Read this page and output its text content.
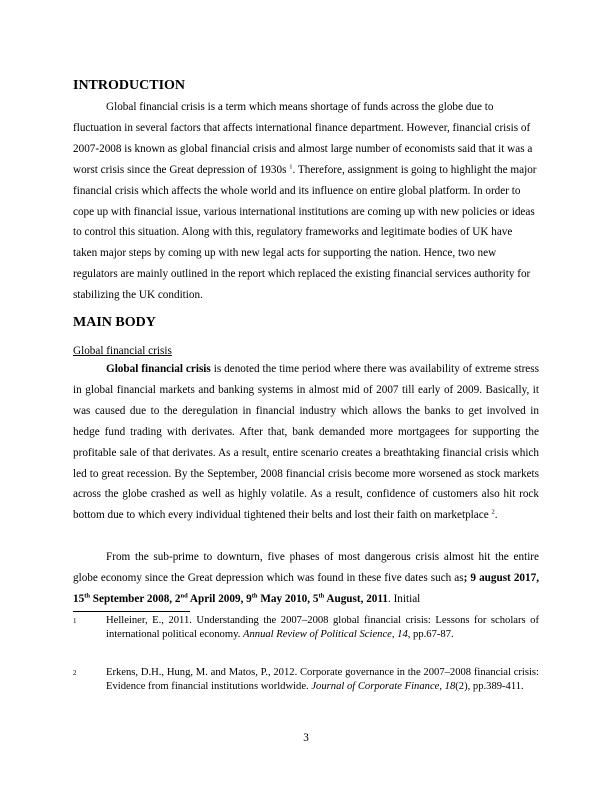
INTRODUCTION

Global financial crisis is a term which means shortage of funds across the globe due to fluctuation in several factors that affects international finance department. However, financial crisis of 2007-2008 is known as global financial crisis and almost large number of economists said that it was a worst crisis since the Great depression of 1930s $^1$. Therefore, assignment is going to highlight the major financial crisis which affects the whole world and its influence on entire global platform. In order to cope up with financial issue, various international institutions are coming up with new policies or ideas to control this situation. Along with this, regulatory frameworks and legitimate bodies of UK have taken major steps by coming up with new legal acts for supporting the nation. Hence, two new regulators are mainly outlined in the report which replaced the existing financial services authority for stabilizing the UK condition.

MAIN BODY

Global financial crisis

Global financial crisis is denoted the time period where there was availability of extreme stress in global financial markets and banking systems in almost mid of 2007 till early of 2009. Basically, it was caused due to the deregulation in financial industry which allows the banks to get involved in hedge fund trading with derivates. After that, bank demanded more mortgagees for supporting the profitable sale of that derivates. As a result, entire scenario creates a breathtaking financial crisis which led to great recession. By the September, 2008 financial crisis become more worsened as stock markets across the globe crashed as well as highly volatile. As a result, confidence of customers also hit rock bottom due to which every individual tightened their belts and lost their faith on marketplace $^2$.

From the sub-prime to downturn, five phases of most dangerous crisis almost hit the entire globe economy since the Great depression which was found in these five dates such as; 9 august 2017, 15th September 2008, 2nd April 2009, 9th May 2010, 5th August, 2011. Initial

1	Helleiner, E., 2011. Understanding the 2007–2008 global financial crisis: Lessons for scholars of international political economy. Annual Review of Political Science, 14, pp.67-87.
2	Erkens, D.H., Hung, M. and Matos, P., 2012. Corporate governance in the 2007–2008 financial crisis: Evidence from financial institutions worldwide. Journal of Corporate Finance, 18(2), pp.389-411.
3
